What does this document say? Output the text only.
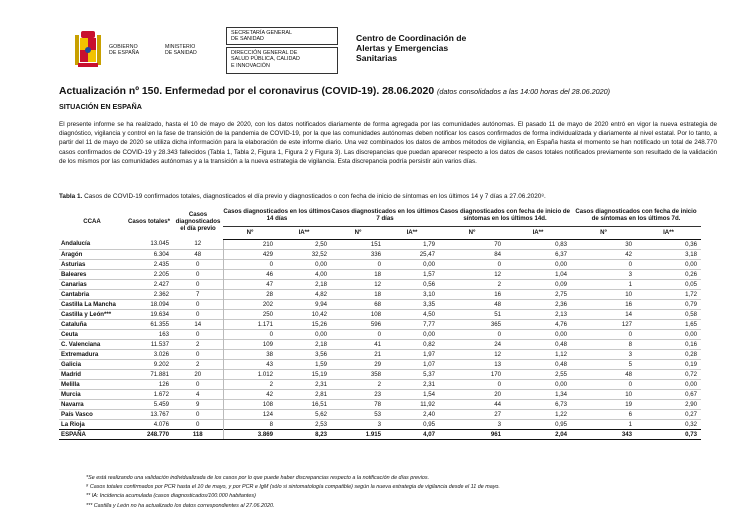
GOBIERNO
DE ESPAÑA
MINISTERIO
DE SANIDAD
SECRETARÍA GENERAL
DE SANIDAD
DIRECCIÓN GENERAL DE
SALUD PÚBLICA, CALIDAD
E INNOVACIÓN
Centro de Coordinación de
Alertas y Emergencias
Sanitarias
Actualización nº 150. Enfermedad por el coronavirus (COVID-19). 28.06.2020 (datos consolidados a las 14:00 horas del 28.06.2020)
SITUACIÓN EN ESPAÑA
El presente informe se ha realizado, hasta el 10 de mayo de 2020, con los datos notificados diariamente de forma agregada por las comunidades autónomas. El pasado 11 de mayo de 2020 entró en vigor la nueva estrategia de diagnóstico, vigilancia y control en la fase de transición de la pandemia de COVID-19, por la que las comunidades autónomas deben notificar los casos confirmados de forma individualizada y diariamente al nivel estatal. Por lo tanto, a partir del 11 de mayo de 2020 se utiliza dicha información para la elaboración de este informe diario. Una vez combinados los datos de ambos métodos de vigilancia, en España hasta el momento se han notificado un total de 248.770 casos confirmados de COVID-19 y 28.343 fallecidos (Tabla 1, Tabla 2, Figura 1, Figura 2 y Figura 3). Las discrepancias que puedan aparecer respecto a los datos de casos totales notificados previamente son resultado de la validación de los mismos por las comunidades autónomas y a la transición a la nueva estrategia de vigilancia. Esta discrepancia podría persistir aún varios días.
Tabla 1. Casos de COVID-19 confirmados totales, diagnosticados el día previo y diagnosticados o con fecha de inicio de síntomas en los últimos 14 y 7 días a 27.06.2020⁸.
CCAA	Casos totales*	Casos diagnosticados el día previo	Casos diagnosticados en los últimos 14 días		Casos diagnosticados en los últimos 7 días		Casos diagnosticados con fecha de inicio de síntomas en los últimos 14d.		Casos diagnosticados con fecha de inicio de síntomas en los últimos 7d.	
			Nº	IA**	Nº	IA**	Nº	IA**	Nº	IA**
Andalucía	13.045	12	210	2,50	151	1,79	70	0,83	30	0,36
Aragón	6.304	48	429	32,52	336	25,47	84	6,37	42	3,18
Asturias	2.435	0	0	0,00	0	0,00	0	0,00	0	0,00
Baleares	2.205	0	46	4,00	18	1,57	12	1,04	3	0,26
Canarias	2.427	0	47	2,18	12	0,56	2	0,09	1	0,05
Cantabria	2.362	7	28	4,82	18	3,10	16	2,75	10	1,72
Castilla La Mancha	18.094	0	202	9,94	68	3,35	48	2,36	16	0,79
Castilla y León***	19.634	0	250	10,42	108	4,50	51	2,13	14	0,58
Cataluña	61.355	14	1.171	15,26	596	7,77	365	4,76	127	1,65
Ceuta	163	0	0	0,00	0	0,00	0	0,00	0	0,00
C. Valenciana	11.537	2	109	2,18	41	0,82	24	0,48	8	0,16
Extremadura	3.026	0	38	3,56	21	1,97	12	1,12	3	0,28
Galicia	9.202	2	43	1,59	29	1,07	13	0,48	5	0,19
Madrid	71.881	20	1.012	15,19	358	5,37	170	2,55	48	0,72
Melilla	126	0	2	2,31	2	2,31	0	0,00	0	0,00
Murcia	1.672	4	42	2,81	23	1,54	20	1,34	10	0,67
Navarra	5.459	9	108	16,51	78	11,92	44	6,73	19	2,90
País Vasco	13.767	0	124	5,62	53	2,40	27	1,22	6	0,27
La Rioja	4.076	0	8	2,53	3	0,95	3	0,95	1	0,32
ESPAÑA	248.770	118	3.869	8,23	1.915	4,07	961	2,04	343	0,73
*Se está realizando una validación individualizada de los casos por lo que puede haber discrepancias respecto a la notificación de días previos.
⁸ Casos totales confirmados por PCR hasta el 10 de mayo, y por PCR e IgM (sólo si sintomatología compatible) según la nueva estrategia de vigilancia desde el 11 de mayo.
** IA: Incidencia acumulada (casos diagnosticados/100.000 habitantes)
*** Castilla y León no ha actualizado los datos correspondientes al 27.06.2020.
